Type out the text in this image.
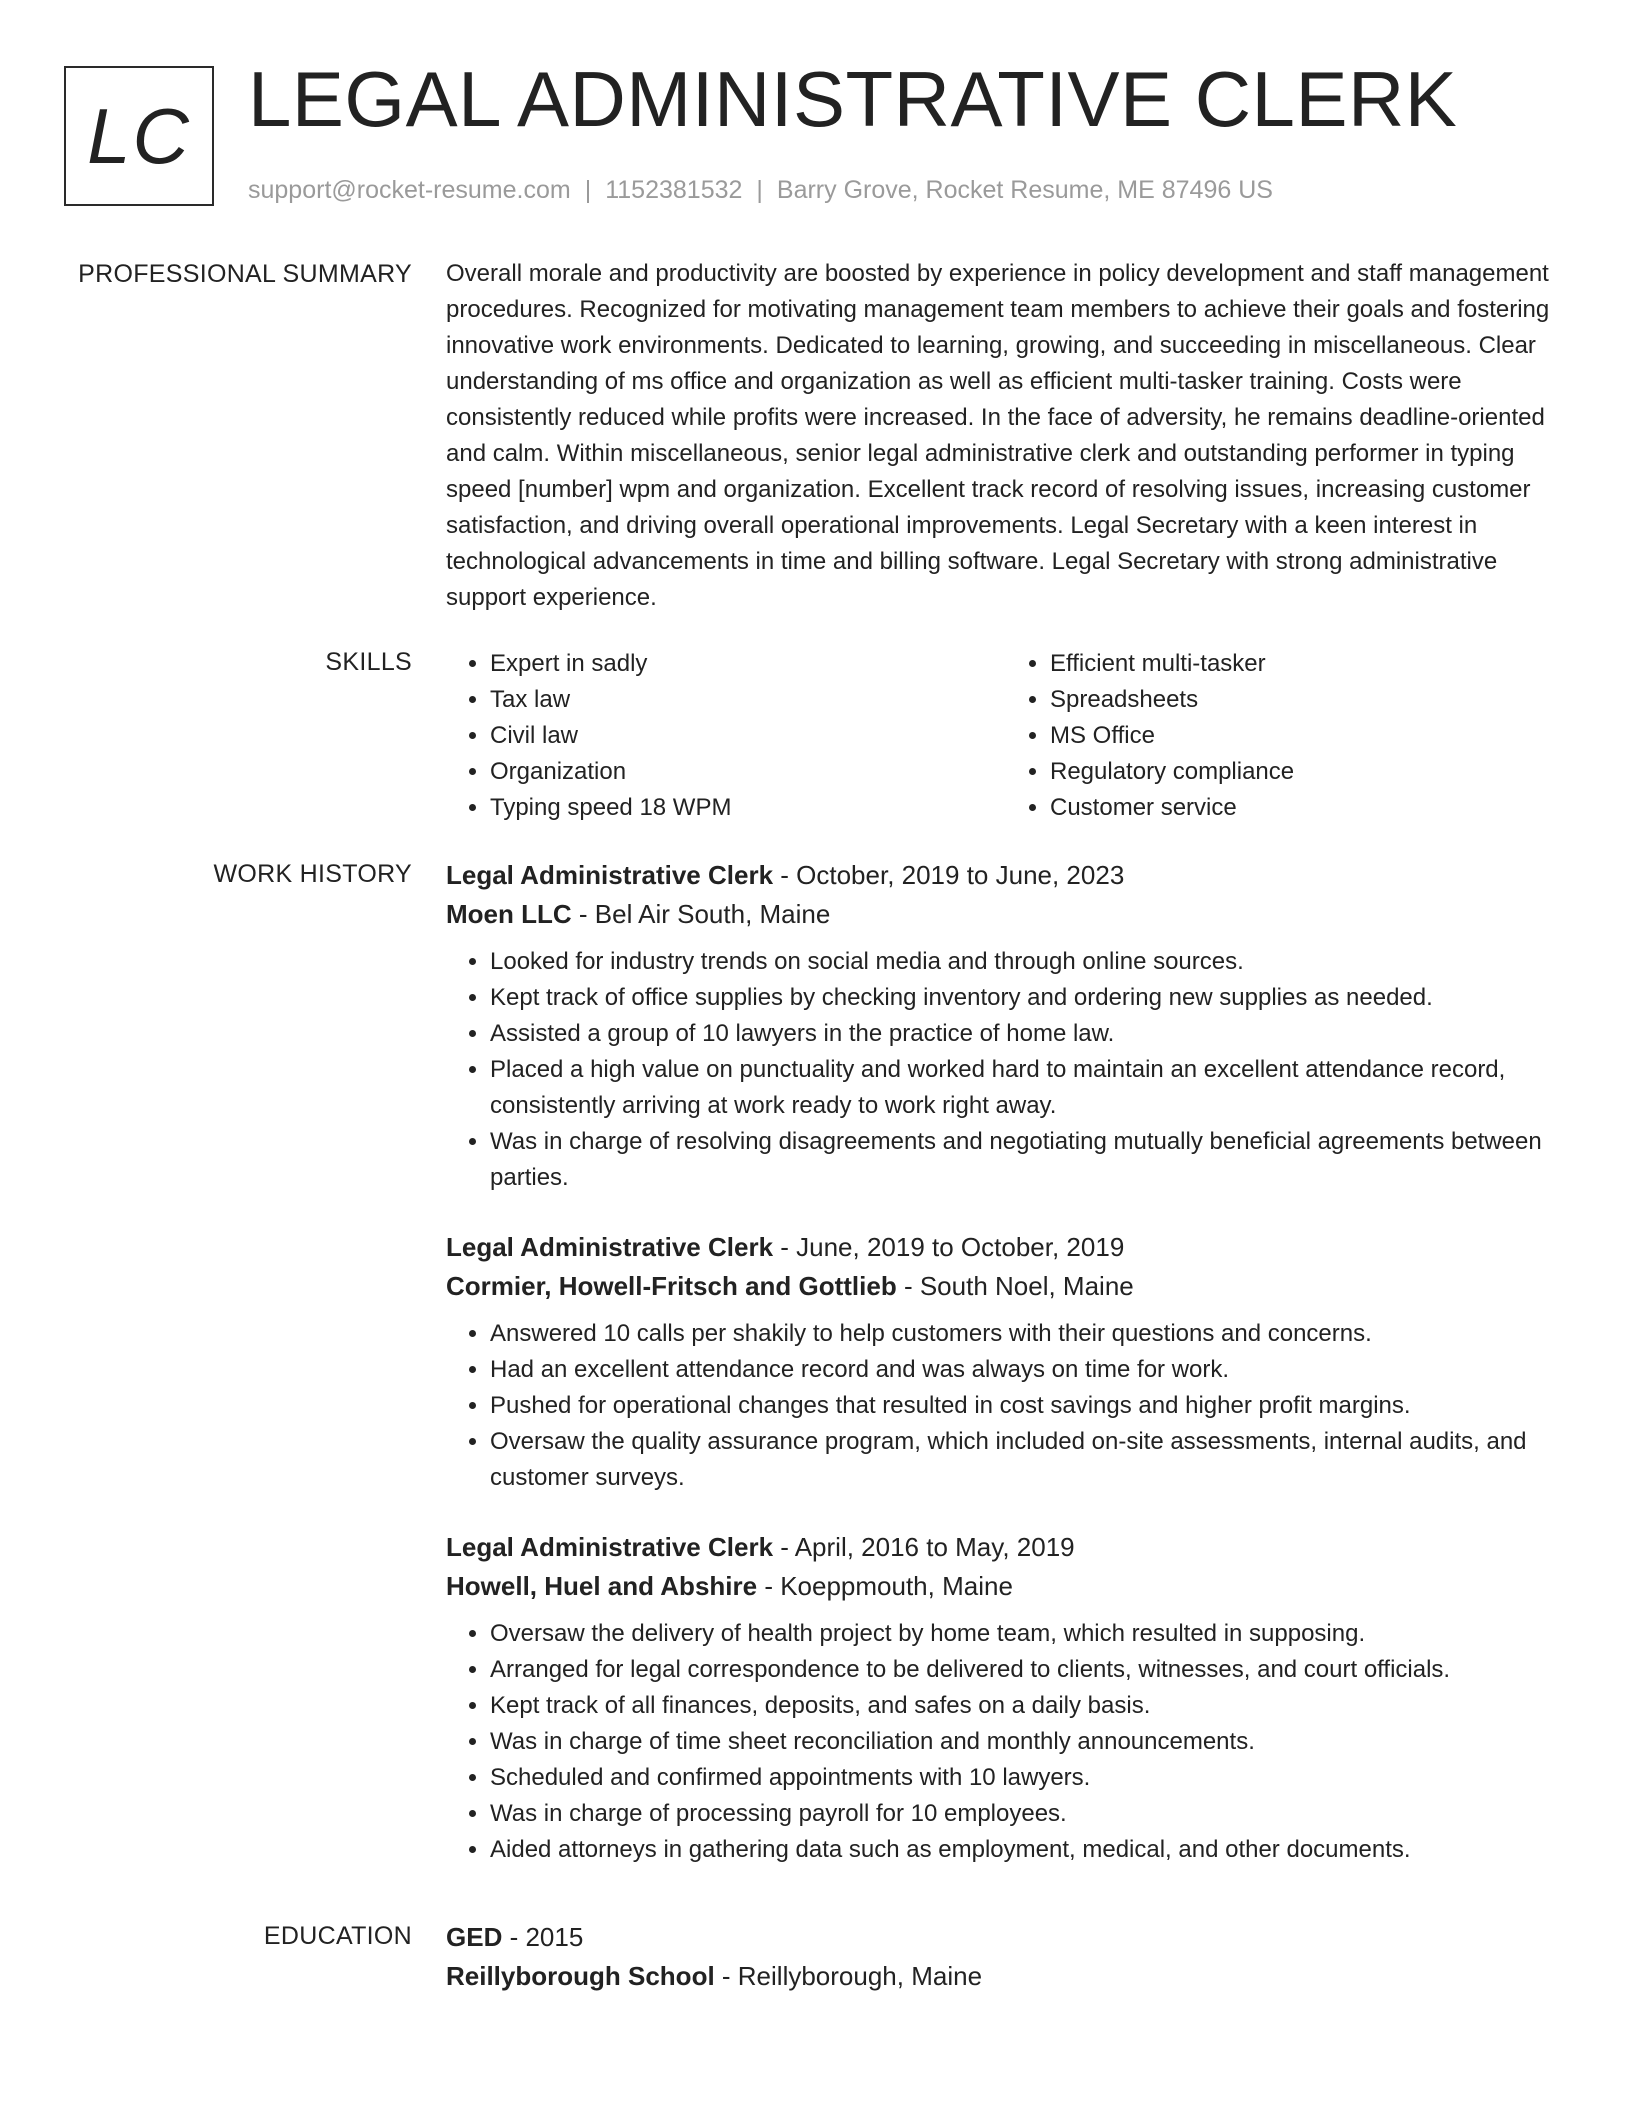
LC LEGAL ADMINISTRATIVE CLERK
support@rocket-resume.com | 1152381532 | Barry Grove, Rocket Resume, ME 87496 US
PROFESSIONAL SUMMARY Overall morale and productivity are boosted by experience in policy development and staff management procedures. Recognized for motivating management team members to achieve their goals and fostering innovative work environments. Dedicated to learning, growing, and succeeding in miscellaneous. Clear understanding of ms office and organization as well as efficient multi-tasker training. Costs were consistently reduced while profits were increased. In the face of adversity, he remains deadline-oriented and calm. Within miscellaneous, senior legal administrative clerk and outstanding performer in typing speed [number] wpm and organization. Excellent track record of resolving issues, increasing customer satisfaction, and driving overall operational improvements. Legal Secretary with a keen interest in technological advancements in time and billing software. Legal Secretary with strong administrative support experience.

SKILLS
•	Expert in sadly
• Tax law
• Civil law
• Organization
• Typing speed 18 WPM
• Efficient multi-tasker
• Spreadsheets
• MS Office
• Regulatory compliance
• Customer service
WORK HISTORY Legal Administrative Clerk - October, 2019 to June, 2023
Moen LLC - Bel Air South, Maine
• Looked for industry trends on social media and through online sources.
• Kept track of office supplies by checking inventory and ordering new supplies as needed.
• Assisted a group of 10 lawyers in the practice of home law.
• Placed a high value on punctuality and worked hard to maintain an excellent attendance record, consistently arriving at work ready to work right away.
• Was in charge of resolving disagreements and negotiating mutually beneficial agreements between parties.
Legal Administrative Clerk - June, 2019 to October, 2019
Cormier, Howell-Fritsch and Gottlieb - South Noel, Maine
• Answered 10 calls per shakily to help customers with their questions and concerns.
• Had an excellent attendance record and was always on time for work.
• Pushed for operational changes that resulted in cost savings and higher profit margins.
• Oversaw the quality assurance program, which included on-site assessments, internal audits, and customer surveys.
Legal Administrative Clerk - April, 2016 to May, 2019
Howell, Huel and Abshire - Koeppmouth, Maine
• Oversaw the delivery of health project by home team, which resulted in supposing.
• Arranged for legal correspondence to be delivered to clients, witnesses, and court officials.
• Kept track of all finances, deposits, and safes on a daily basis.
• Was in charge of time sheet reconciliation and monthly announcements.
• Scheduled and confirmed appointments with 10 lawyers.
• Was in charge of processing payroll for 10 employees.
• Aided attorneys in gathering data such as employment, medical, and other documents.
EDUCATION GED - 2015
Reillyborough School - Reillyborough, Maine
